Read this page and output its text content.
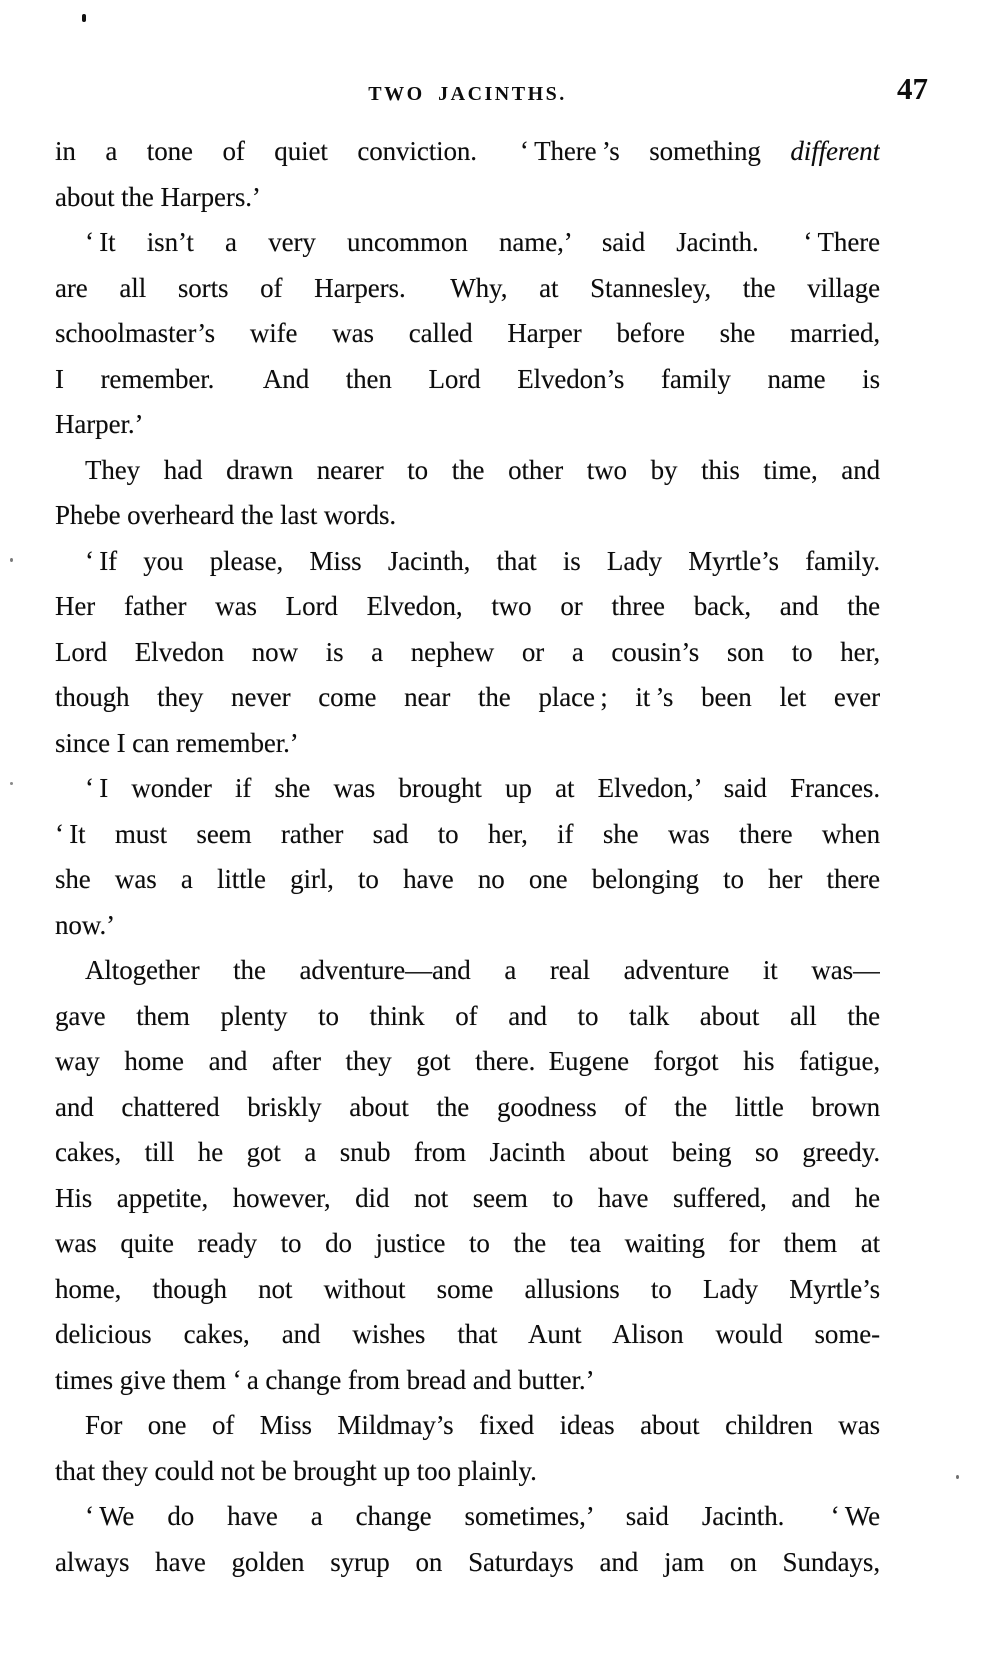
TWO JACINTHS.	47
in a tone of quiet conviction.  ‘ There ’s something different
about the Harpers.’
‘ It isn’t a very uncommon name,’ said Jacinth.  ‘ There
are all sorts of Harpers.  Why, at Stannesley, the village
schoolmaster’s wife was called Harper before she married,
I remember.  And then Lord Elvedon’s family name is
Harper.’
They had drawn nearer to the other two by this time, and
Phebe overheard the last words.
‘ If you please, Miss Jacinth, that is Lady Myrtle’s family.
Her father was Lord Elvedon, two or three back, and the
Lord Elvedon now is a nephew or a cousin’s son to her,
though they never come near the place ; it ’s been let ever
since I can remember.’
‘ I wonder if she was brought up at Elvedon,’ said Frances.
‘ It must seem rather sad to her, if she was there when
she was a little girl, to have no one belonging to her there
now.’
Altogether the adventure—and a real adventure it was—
gave them plenty to think of and to talk about all the
way home and after they got there. Eugene forgot his fatigue,
and chattered briskly about the goodness of the little brown
cakes, till he got a snub from Jacinth about being so greedy.
His appetite, however, did not seem to have suffered, and he
was quite ready to do justice to the tea waiting for them at
home, though not without some allusions to Lady Myrtle’s
delicious cakes, and wishes that Aunt Alison would some-
times give them ‘ a change from bread and butter.’
For one of Miss Mildmay’s fixed ideas about children was
that they could not be brought up too plainly.
‘ We do have a change sometimes,’ said Jacinth.  ‘ We
always have golden syrup on Saturdays and jam on Sundays,
